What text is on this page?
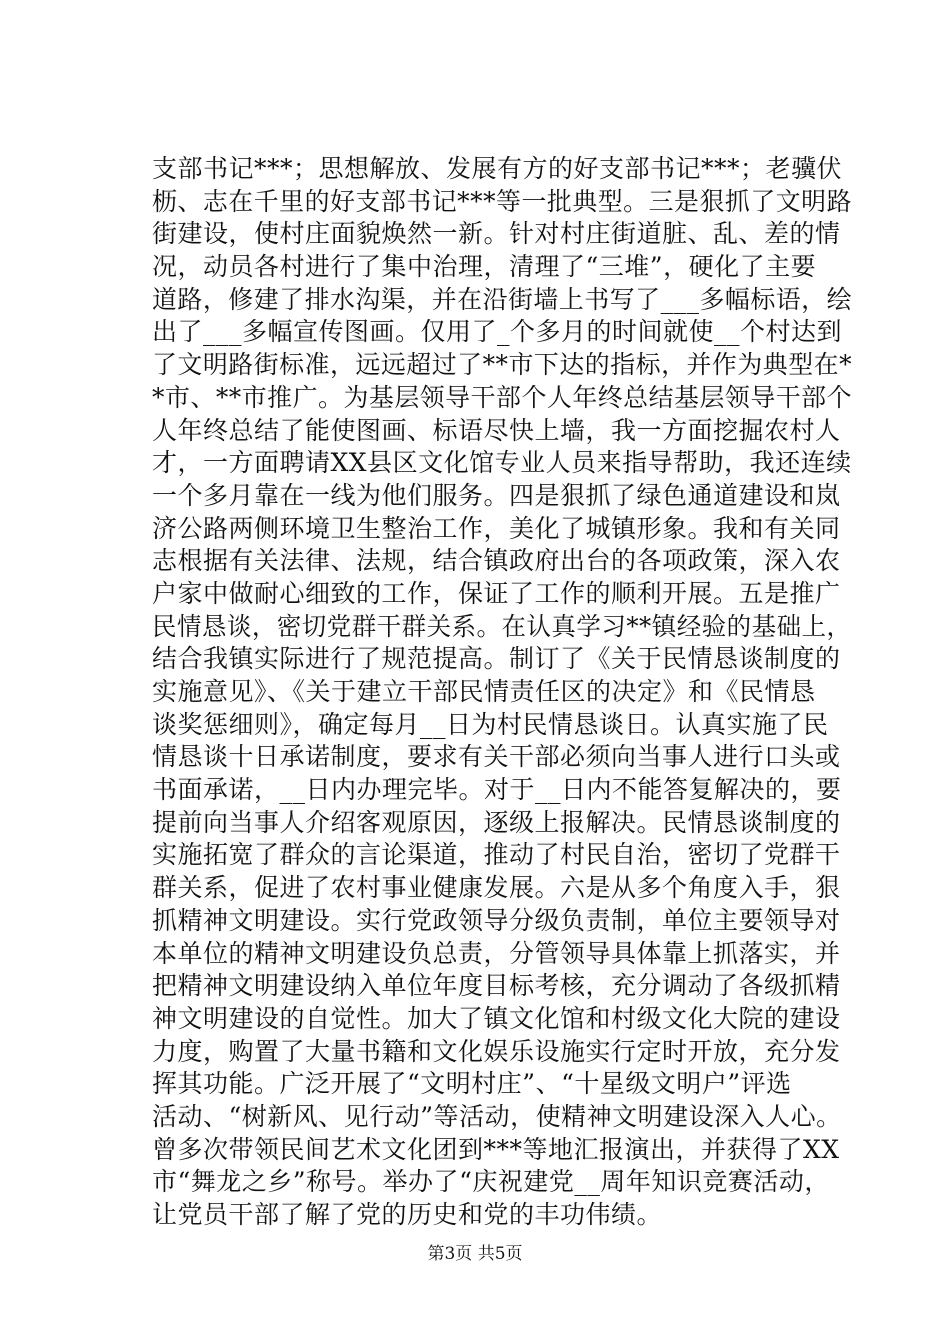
支部书记***；思想解放、发展有方的好支部书记***；老骥伏
枥、志在千里的好支部书记***等一批典型。三是狠抓了文明路
街建设，使村庄面貌焕然一新。针对村庄街道脏、乱、差的情
况，动员各村进行了集中治理，清理了“三堆”，硬化了主要
道路，修建了排水沟渠，并在沿街墙上书写了___多幅标语，绘
出了___多幅宣传图画。仅用了_个多月的时间就使__个村达到
了文明路街标准，远远超过了**市下达的指标，并作为典型在*
*市、**市推广。为基层领导干部个人年终总结基层领导干部个
人年终总结了能使图画、标语尽快上墙，我一方面挖掘农村人
才，一方面聘请XX县区文化馆专业人员来指导帮助，我还连续
一个多月靠在一线为他们服务。四是狠抓了绿色通道建设和岚
济公路两侧环境卫生整治工作，美化了城镇形象。我和有关同
志根据有关法律、法规，结合镇政府出台的各项政策，深入农
户家中做耐心细致的工作，保证了工作的顺利开展。五是推广
民情恳谈，密切党群干群关系。在认真学习**镇经验的基础上，
结合我镇实际进行了规范提高。制订了《关于民情恳谈制度的
实施意见》、《关于建立干部民情责任区的决定》和《民情恳
谈奖惩细则》，确定每月__日为村民情恳谈日。认真实施了民
情恳谈十日承诺制度，要求有关干部必须向当事人进行口头或
书面承诺，__日内办理完毕。对于__日内不能答复解决的，要
提前向当事人介绍客观原因，逐级上报解决。民情恳谈制度的
实施拓宽了群众的言论渠道，推动了村民自治，密切了党群干
群关系，促进了农村事业健康发展。六是从多个角度入手，狠
抓精神文明建设。实行党政领导分级负责制，单位主要领导对
本单位的精神文明建设负总责，分管领导具体靠上抓落实，并
把精神文明建设纳入单位年度目标考核，充分调动了各级抓精
神文明建设的自觉性。加大了镇文化馆和村级文化大院的建设
力度，购置了大量书籍和文化娱乐设施实行定时开放，充分发
挥其功能。广泛开展了“文明村庄”、“十星级文明户”评选
活动、“树新风、见行动”等活动，使精神文明建设深入人心。
曾多次带领民间艺术文化团到***等地汇报演出，并获得了XX
市“舞龙之乡”称号。举办了“庆祝建党__周年知识竞赛活动，
让党员干部了解了党的历史和党的丰功伟绩。
第3页 共5页
